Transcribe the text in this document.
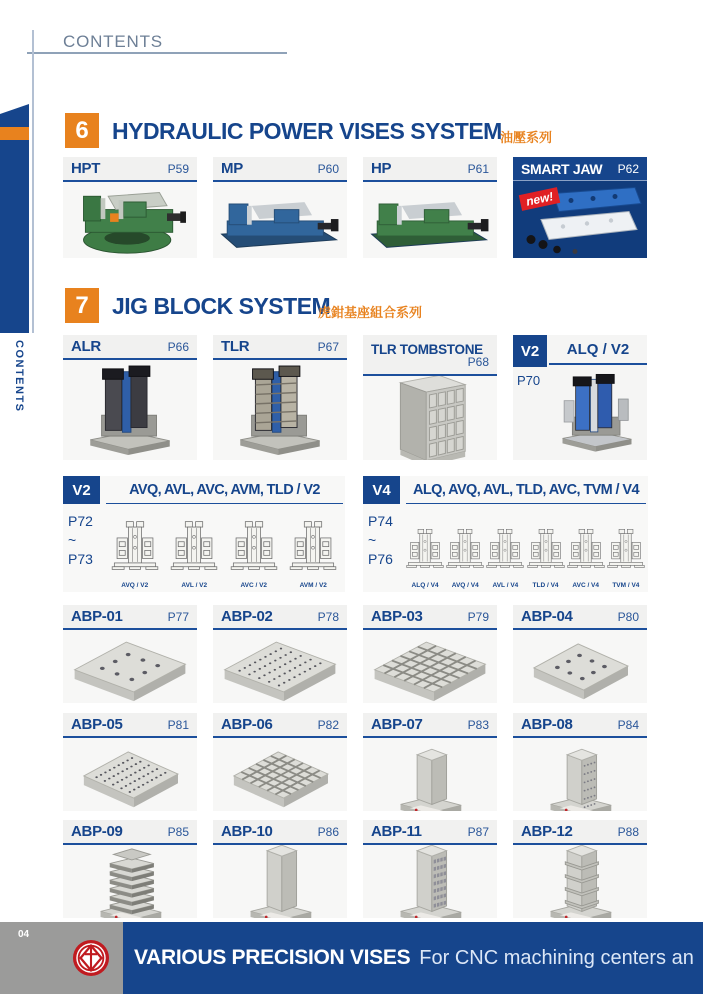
CONTENTS
CONTENTS
6	HYDRAULIC POWER VISES SYSTEM
油壓系列
HPT	P59 MP	P60 HP	P61 SMART JAW P62
new!
7	JIG BLOCK SYSTEM
虎鉗基座組合系列
ALR	P66 TLR	P67 TLR TOMBSTONE
P68
V2	ALQ / V2
P70
V2	AVQ, AVL, AVC, AVM, TLD / V2
P72
~
P73
AVQ / V2	AVL / V2	AVC / V2	AVM / V2
V4	ALQ, AVQ, AVL, TLD, AVC, TVM / V4
P74
~
P76
ALQ / V4 AVQ / V4 AVL / V4 TLD / V4 AVC / V4 TVM / V4
ABP-01	P77 ABP-02	P78 ABP-03	P79 ABP-04	P80
ABP-05	P81 ABP-06	P82 ABP-07	P83 ABP-08	P84
ABP-09	P85 ABP-10	P86 ABP-11	P87 ABP-12	P88
04
VARIOUS PRECISION VISES For CNC machining centers an
